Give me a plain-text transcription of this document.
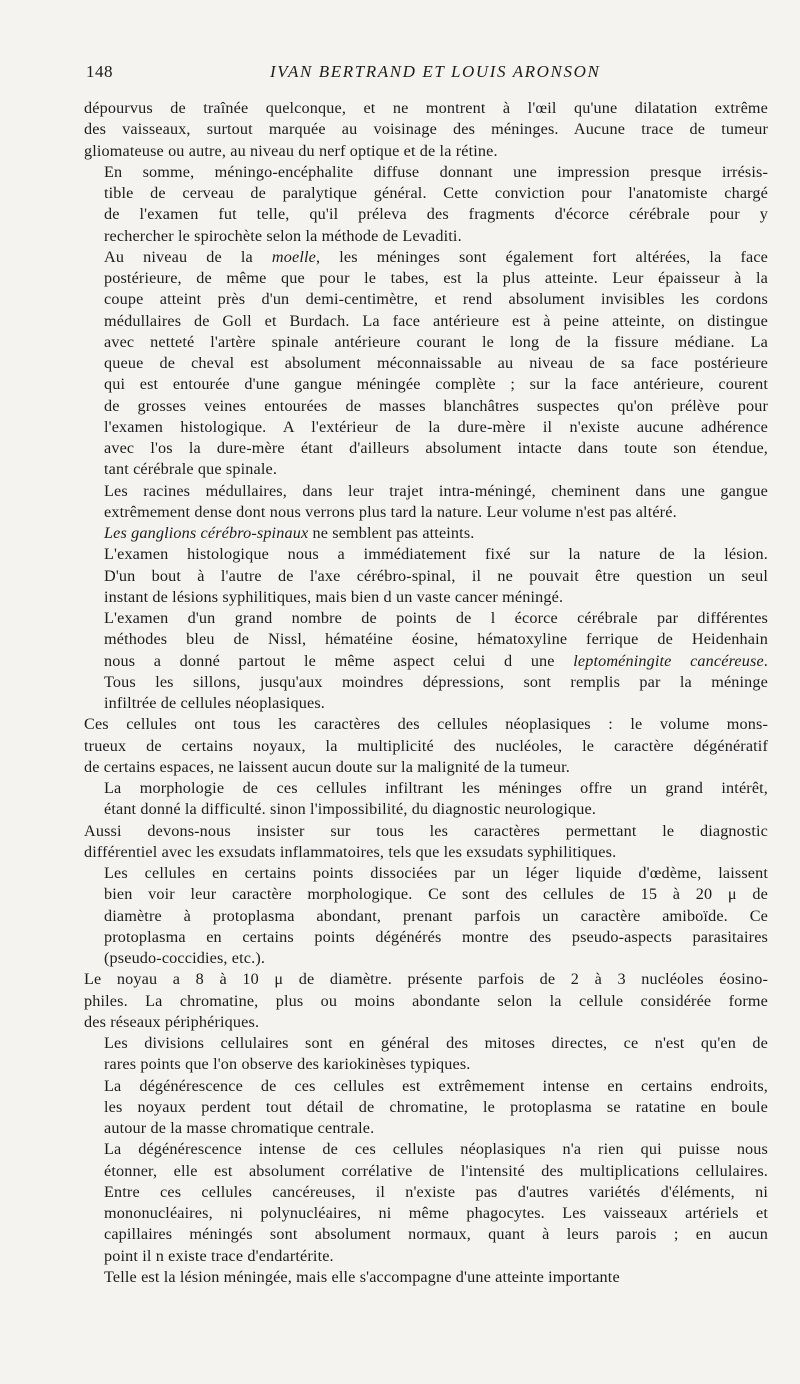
148	IVAN BERTRAND ET LOUIS ARONSON

dépourvus de traînée quelconque, et ne montrent à l'œil qu'une dilatation extrême
des vaisseaux, surtout marquée au voisinage des méninges. Aucune trace de tumeur
gliomateuse ou autre, au niveau du nerf optique et de la rétine.

En somme, méningo-encéphalite diffuse donnant une impression presque irrésis-
tible de cerveau de paralytique général. Cette conviction pour l'anatomiste chargé
de l'examen fut telle, qu'il préleva des fragments d'écorce cérébrale pour y
rechercher le spirochète selon la méthode de Levaditi.

Au niveau de la moelle, les méninges sont également fort altérées, la face
postérieure, de même que pour le tabes, est la plus atteinte. Leur épaisseur à la
coupe atteint près d'un demi-centimètre, et rend absolument invisibles les cordons
médullaires de Goll et Burdach. La face antérieure est à peine atteinte, on distingue
avec netteté l'artère spinale antérieure courant le long de la fissure médiane. La
queue de cheval est absolument méconnaissable au niveau de sa face postérieure
qui est entourée d'une gangue méningée complète ; sur la face antérieure, courent
de grosses veines entourées de masses blanchâtres suspectes qu'on prélève pour
l'examen histologique. A l'extérieur de la dure-mère il n'existe aucune adhérence
avec l'os la dure-mère étant d'ailleurs absolument intacte dans toute son étendue,
tant cérébrale que spinale.

Les racines médullaires, dans leur trajet intra-méningé, cheminent dans une gangue
extrêmement dense dont nous verrons plus tard la nature. Leur volume n'est pas altéré.

Les ganglions cérébro-spinaux ne semblent pas atteints.

L'examen histologique nous a immédiatement fixé sur la nature de la lésion.
D'un bout à l'autre de l'axe cérébro-spinal, il ne pouvait être question un seul
instant de lésions syphilitiques, mais bien d un vaste cancer méningé.

L'examen d'un grand nombre de points de l écorce cérébrale par différentes
méthodes bleu de Nissl, hématéine éosine, hématoxyline ferrique de Heidenhain
nous a donné partout le même aspect celui d une leptoméningite cancéreuse.
Tous les sillons, jusqu'aux moindres dépressions, sont remplis par la méninge
infiltrée de cellules néoplasiques.

Ces cellules ont tous les caractères des cellules néoplasiques : le volume mons-
trueux de certains noyaux, la multiplicité des nucléoles, le caractère dégénératif
de certains espaces, ne laissent aucun doute sur la malignité de la tumeur.

La morphologie de ces cellules infiltrant les méninges offre un grand intérêt,
étant donné la difficulté. sinon l'impossibilité, du diagnostic neurologique.

Aussi devons-nous insister sur tous les caractères permettant le diagnostic
différentiel avec les exsudats inflammatoires, tels que les exsudats syphilitiques.

Les cellules en certains points dissociées par un léger liquide d'œdème, laissent
bien voir leur caractère morphologique. Ce sont des cellules de 15 à 20 μ de
diamètre à protoplasma abondant, prenant parfois un caractère amiboïde. Ce
protoplasma en certains points dégénérés montre des pseudo-aspects parasitaires
(pseudo-coccidies, etc.).

Le noyau a 8 à 10 μ de diamètre. présente parfois de 2 à 3 nucléoles éosino-
philes. La chromatine, plus ou moins abondante selon la cellule considérée forme
des réseaux périphériques.

Les divisions cellulaires sont en général des mitoses directes, ce n'est qu'en de
rares points que l'on observe des kariokinèses typiques.

La dégénérescence de ces cellules est extrêmement intense en certains endroits,
les noyaux perdent tout détail de chromatine, le protoplasma se ratatine en boule
autour de la masse chromatique centrale.

La dégénérescence intense de ces cellules néoplasiques n'a rien qui puisse nous
étonner, elle est absolument corrélative de l'intensité des multiplications cellulaires.
Entre ces cellules cancéreuses, il n'existe pas d'autres variétés d'éléments, ni
mononucléaires, ni polynucléaires, ni même phagocytes. Les vaisseaux artériels et
capillaires méningés sont absolument normaux, quant à leurs parois ; en aucun
point il n existe trace d'endartérite.

Telle est la lésion méningée, mais elle s'accompagne d'une atteinte importante
